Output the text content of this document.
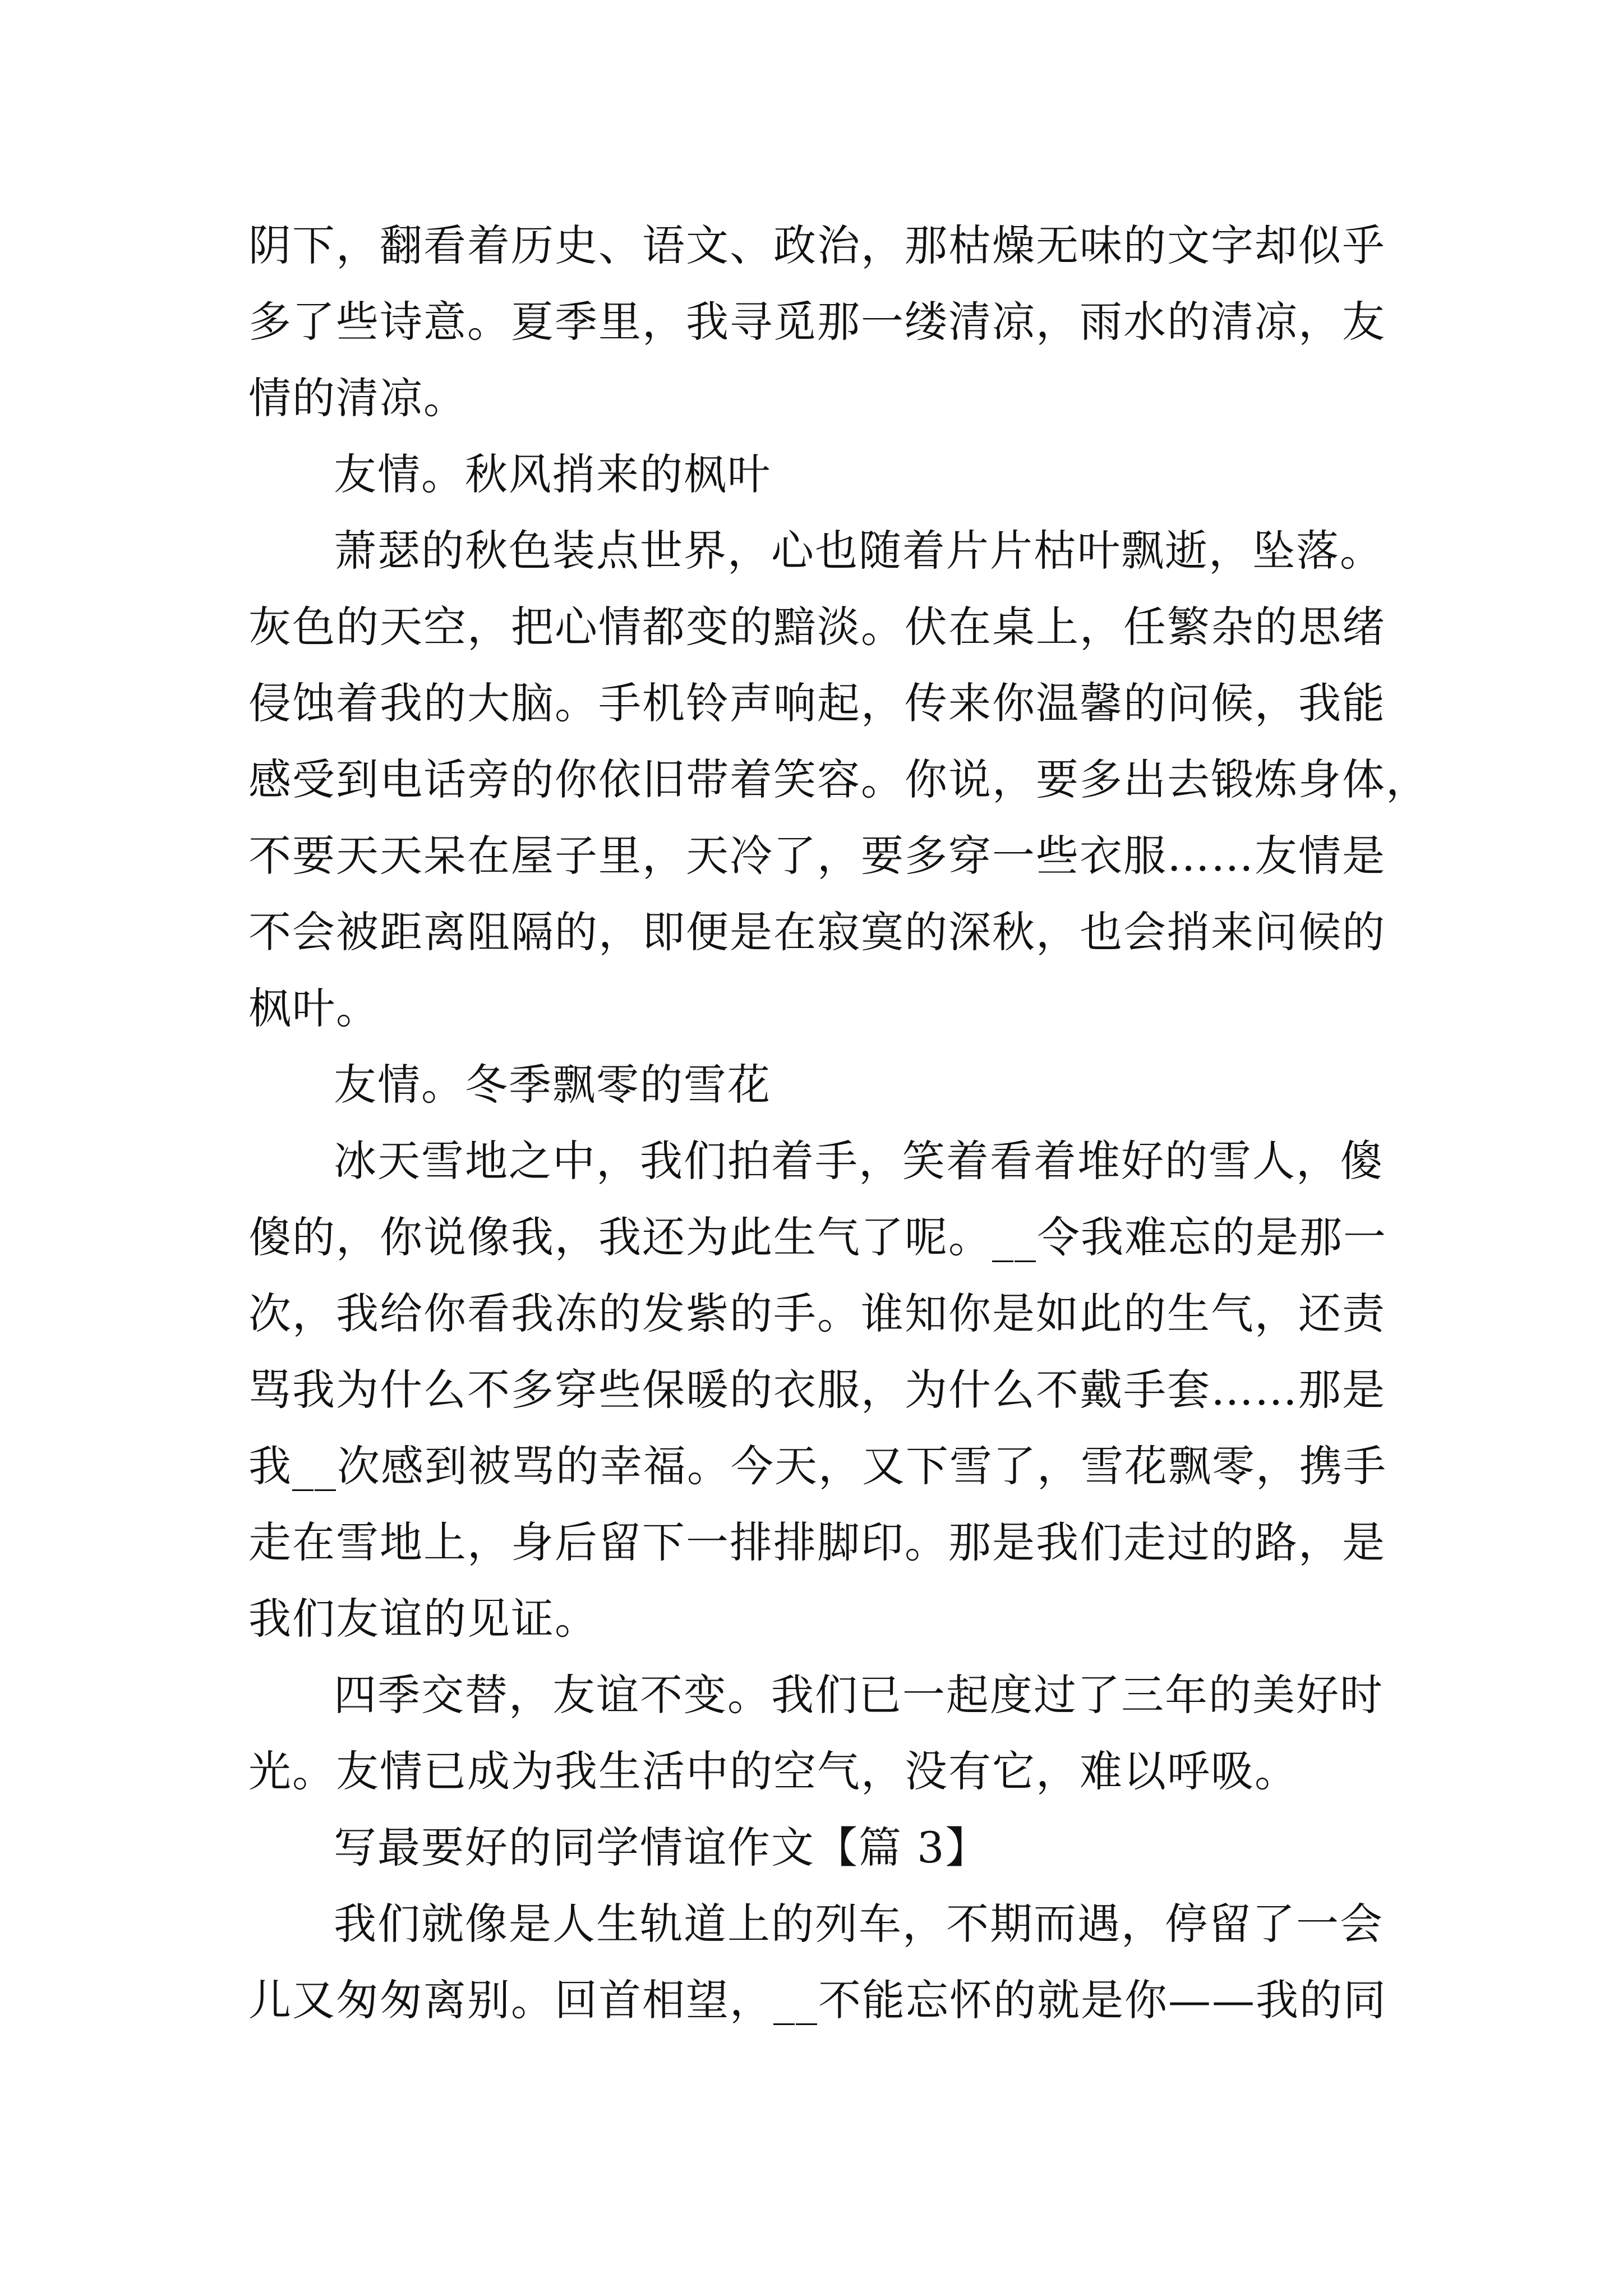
阴下，翻看着历史、语文、政治，那枯燥无味的文字却似乎
多了些诗意。夏季里，我寻觅那一缕清凉，雨水的清凉，友
情的清凉。
友情。秋风捎来的枫叶
萧瑟的秋色装点世界，心也随着片片枯叶飘逝，坠落。
灰色的天空，把心情都变的黯淡。伏在桌上，任繁杂的思绪
侵蚀着我的大脑。手机铃声响起，传来你温馨的问候，我能
感受到电话旁的你依旧带着笑容。你说，要多出去锻炼身体，
不要天天呆在屋子里，天冷了，要多穿一些衣服……友情是
不会被距离阻隔的，即便是在寂寞的深秋，也会捎来问候的
枫叶。
友情。冬季飘零的雪花
冰天雪地之中，我们拍着手，笑着看着堆好的雪人，傻
傻的，你说像我，我还为此生气了呢。__令我难忘的是那一
次，我给你看我冻的发紫的手。谁知你是如此的生气，还责
骂我为什么不多穿些保暖的衣服，为什么不戴手套……那是
我__次感到被骂的幸福。今天，又下雪了，雪花飘零，携手
走在雪地上，身后留下一排排脚印。那是我们走过的路，是
我们友谊的见证。
四季交替，友谊不变。我们已一起度过了三年的美好时
光。友情已成为我生活中的空气，没有它，难以呼吸。
写最要好的同学情谊作文【篇 3】
我们就像是人生轨道上的列车，不期而遇，停留了一会
儿又匆匆离别。回首相望，__不能忘怀的就是你——我的同
